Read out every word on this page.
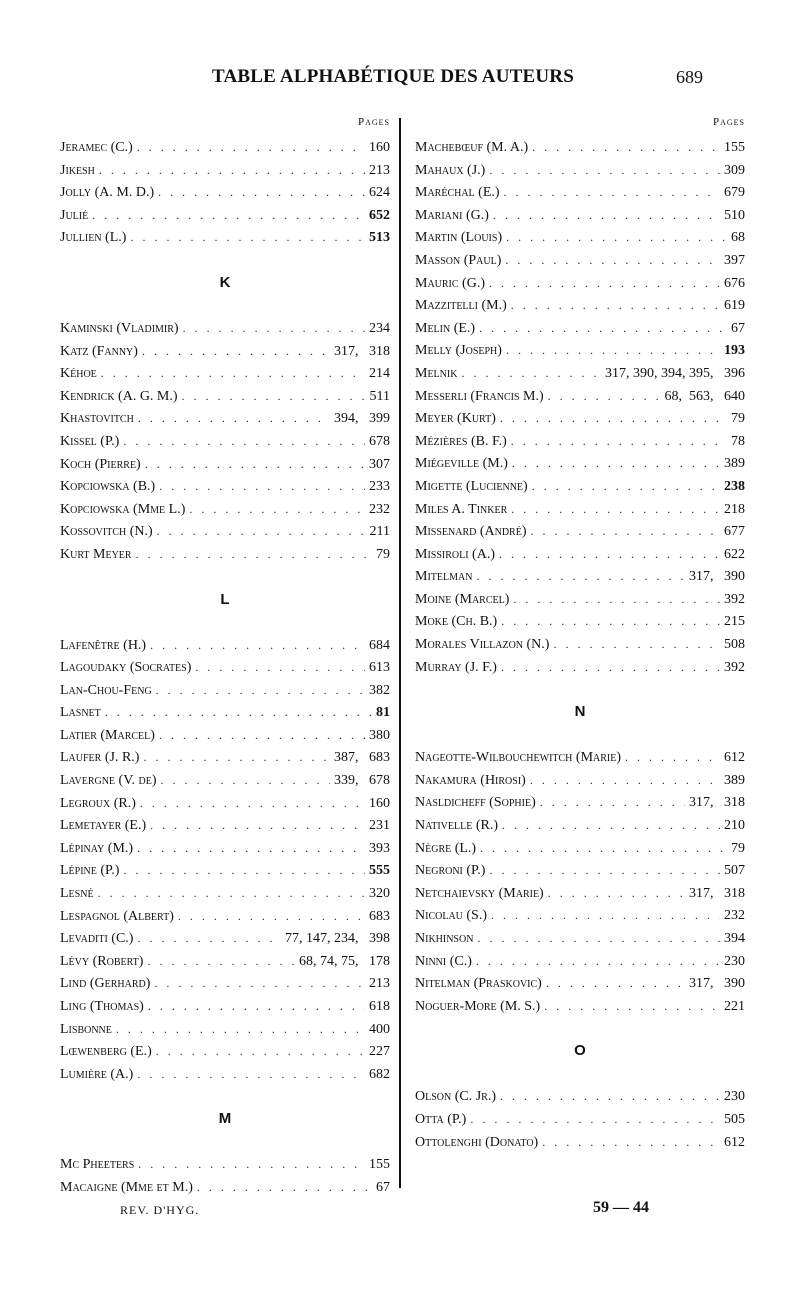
TABLE ALPHABÉTIQUE DES AUTEURS	689
Pages
Jeramec (C.) . . .	160
Jikesh . . .	213
Jolly (A. M. D.) . . .	624
Julié . . .	652
Jullien (L.) . . .	513
K
Kaminski (Vladimir) . . .	234
Katz (Fanny) . . .	317,   318
Kéhoe . . .	214
Kendrick (A. G. M.) . . .	511
Khastovitch . . .	394,   399
Kissel (P.) . . .	678
Koch (Pierre) . . .	307
Kopciowska (B.) . . .	233
Kopciowska (Mme L.) . . .	232
Kossovitch (N.) . . .	211
Kurt Meyer . . .	79
L
Lafenêtre (H.) . . .	684
Lagoudaky (Socrates) . . .	613
Lan-Chou-Feng . . .	382
Lasnet . . .	81
Latier (Marcel) . . .	380
Laufer (J. R.) . . .	387,   683
Lavergne (V. de) . . .	339,   678
Legroux (R.) . . .	160
Lemetayer (E.) . . .	231
Lépinay (M.) . . .	393
Lépine (P.) . . .	555
Lesné . . .	320
Lespagnol (Albert) . . .	683
Levaditi (C.) . . .	77, 147, 234,   398
Lévy (Robert) . . .	68, 74, 75,   178
Lind (Gerhard) . . .	213
Ling (Thomas) . . .	618
Lisbonne . . .	400
Lœwenberg (E.) . . .	227
Lumière (A.) . . .	682
M
Mc Pheeters . . .	155
Macaigne (Mme et M.) . . .	67
Pages
Machebœuf (M. A.) . . .	155
Mahaux (J.) . . .	309
Maréchal (E.) . . .	679
Mariani (G.) . . .	510
Martin (Louis) . . .	68
Masson (Paul) . . .	397
Mauric (G.) . . .	676
Mazzitelli (M.) . . .	619
Melin (E.) . . .	67
Melly (Joseph) . . .	193
Melnik . . .	317, 390, 394, 395,   396
Messerli (Francis M.) . . .	68,  563,   640
Meyer (Kurt) . . .	79
Mézières (B. F.) . . .	78
Miégeville (M.) . . .	389
Migette (Lucienne) . . .	238
Miles A. Tinker . . .	218
Missenard (André) . . .	677
Missiroli (A.) . . .	622
Mitelman . . .	317,   390
Moine (Marcel) . . .	392
Moke (Ch. B.) . . .	215
Morales Villazon (N.) . . .	508
Murray (J. F.) . . .	392
N
Nageotte-Wilbouchewitch (Marie) . . .	612
Nakamura (Hirosi) . . .	389
Nasldicheff (Sophie) . . .	317,   318
Nativelle (R.) . . .	210
Nègre (L.) . . .	79
Negroni (P.) . . .	507
Netchaievsky (Marie) . . .	317,   318
Nicolau (S.) . . .	232
Nikhinson . . .	394
Ninni (C.) . . .	230
Nitelman (Praskovic) . . .	317,   390
Noguer-More (M. S.) . . .	221
O
Olson (C. Jr.) . . .	230
Otta (P.) . . .	505
Ottolenghi (Donato) . . .	612
REV. D'HYG.	59 — 44
